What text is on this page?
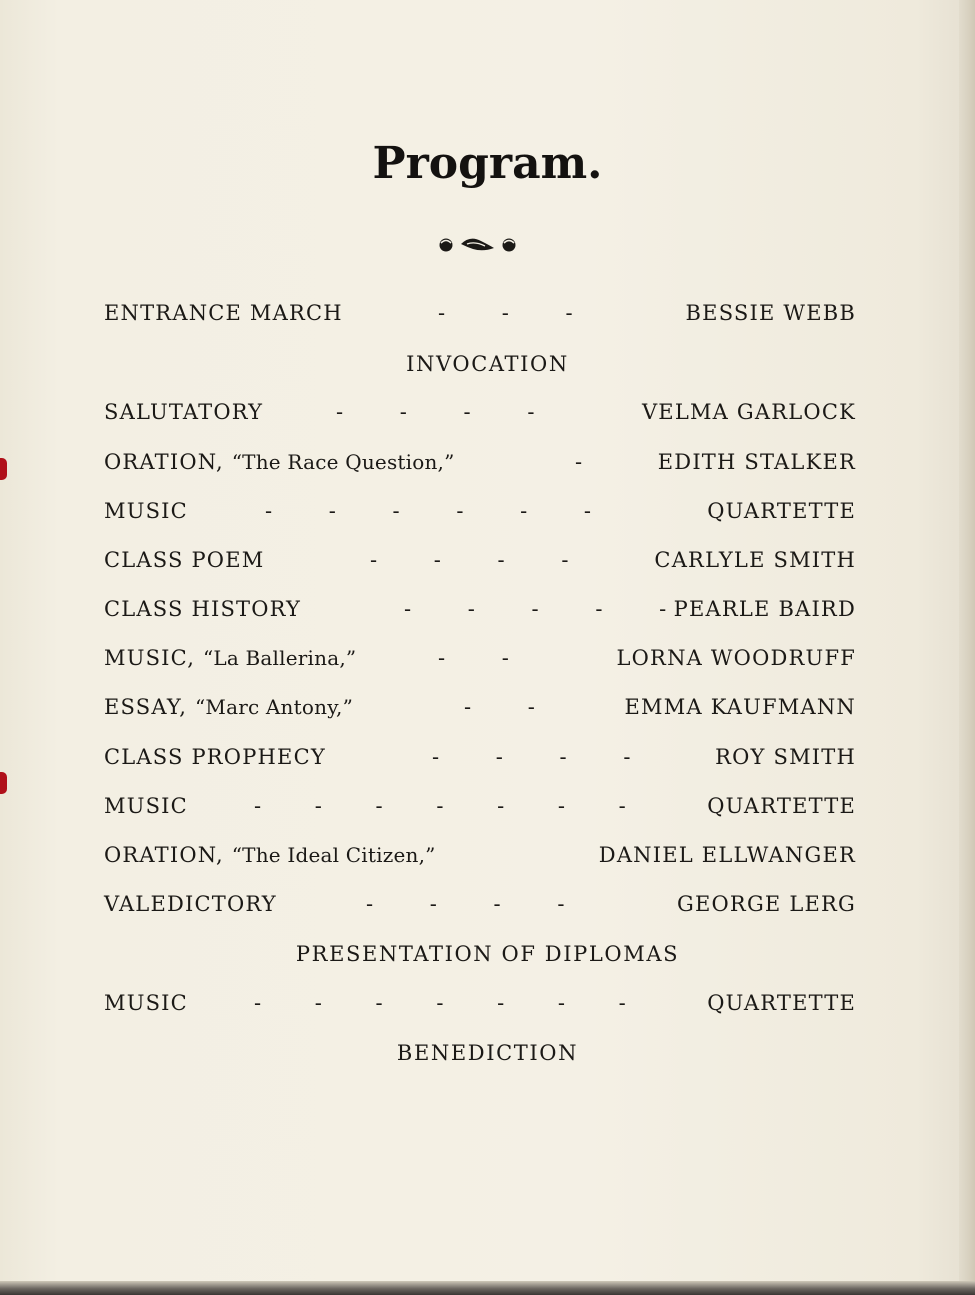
Program.
ENTRANCE MARCH	- - -	BESSIE WEBB
INVOCATION
SALUTATORY	- - - -	VELMA GARLOCK
ORATION, “The Race Question,”	-	EDITH STALKER
MUSIC	- - - - - -	QUARTETTE
CLASS POEM	- - - -	CARLYLE SMITH
CLASS HISTORY	- - - - - PEARLE BAIRD
MUSIC, “La Ballerina,”	- -	LORNA WOODRUFF
ESSAY, “Marc Antony,”	- -	EMMA KAUFMANN
CLASS PROPHECY	- - - -	ROY SMITH
MUSIC	- - - - - - -	QUARTETTE
ORATION, “The Ideal Citizen,”	DANIEL ELLWANGER
VALEDICTORY	- - - -	GEORGE LERG
PRESENTATION OF DIPLOMAS
MUSIC	- - - - - - -	QUARTETTE
BENEDICTION
